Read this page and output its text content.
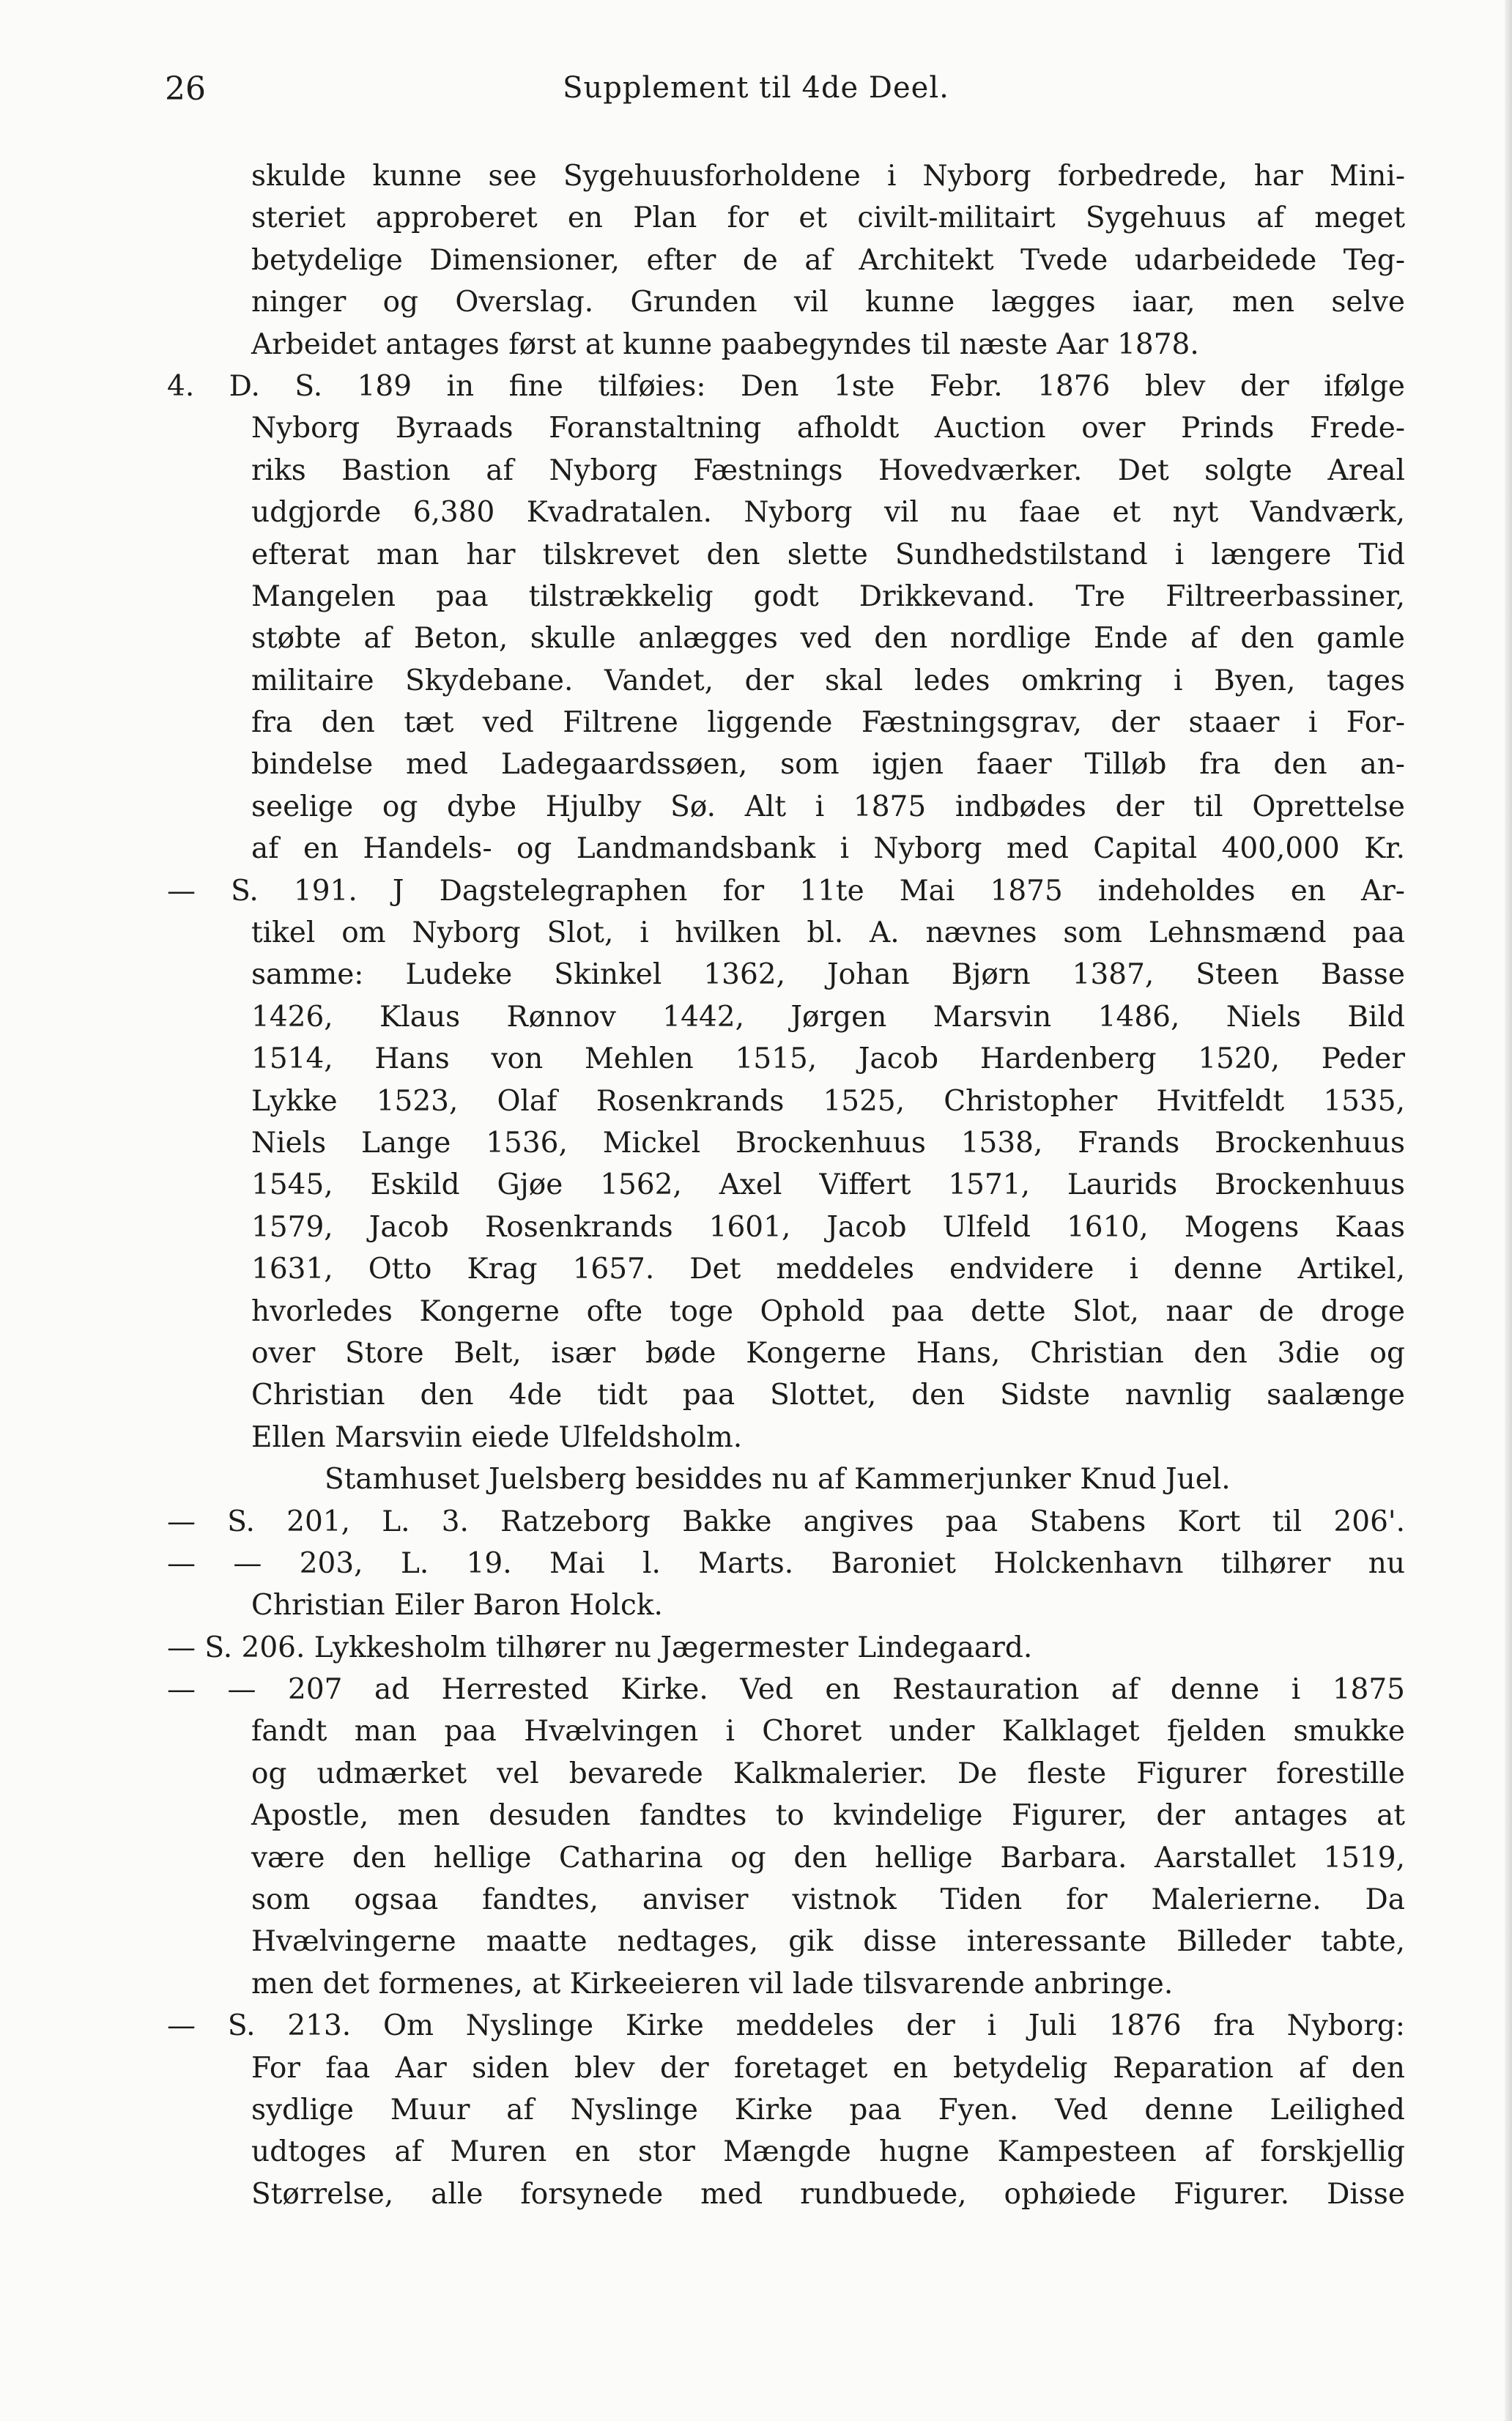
26	Supplement til 4de Deel.
skulde kunne see Sygehuusforholdene i Nyborg forbedrede, har Mini-
steriet approberet en Plan for et civilt-militairt Sygehuus af meget
betydelige Dimensioner, efter de af Architekt Tvede udarbeidede Teg-
ninger og Overslag. Grunden vil kunne lægges iaar, men selve
Arbeidet antages først at kunne paabegyndes til næste Aar 1878.
4. D. S. 189 in fine tilføies: Den 1ste Febr. 1876 blev der ifølge
Nyborg Byraads Foranstaltning afholdt Auction over Prinds Frede-
riks Bastion af Nyborg Fæstnings Hovedværker. Det solgte Areal
udgjorde 6,380 Kvadratalen. Nyborg vil nu faae et nyt Vandværk,
efterat man har tilskrevet den slette Sundhedstilstand i længere Tid
Mangelen paa tilstrækkelig godt Drikkevand. Tre Filtreerbassiner,
støbte af Beton, skulle anlægges ved den nordlige Ende af den gamle
militaire Skydebane. Vandet, der skal ledes omkring i Byen, tages
fra den tæt ved Filtrene liggende Fæstningsgrav, der staaer i For-
bindelse med Ladegaardssøen, som igjen faaer Tilløb fra den an-
seelige og dybe Hjulby Sø. Alt i 1875 indbødes der til Oprettelse
af en Handels- og Landmandsbank i Nyborg med Capital 400,000 Kr.
— S. 191. J Dagstelegraphen for 11te Mai 1875 indeholdes en Ar-
tikel om Nyborg Slot, i hvilken bl. A. nævnes som Lehnsmænd paa
samme: Ludeke Skinkel 1362, Johan Bjørn 1387, Steen Basse
1426, Klaus Rønnov 1442, Jørgen Marsvin 1486, Niels Bild
1514, Hans von Mehlen 1515, Jacob Hardenberg 1520, Peder
Lykke 1523, Olaf Rosenkrands 1525, Christopher Hvitfeldt 1535,
Niels Lange 1536, Mickel Brockenhuus 1538, Frands Brockenhuus
1545, Eskild Gjøe 1562, Axel Viffert 1571, Laurids Brockenhuus
1579, Jacob Rosenkrands 1601, Jacob Ulfeld 1610, Mogens Kaas
1631, Otto Krag 1657. Det meddeles endvidere i denne Artikel,
hvorledes Kongerne ofte toge Ophold paa dette Slot, naar de droge
over Store Belt, især bøde Kongerne Hans, Christian den 3die og
Christian den 4de tidt paa Slottet, den Sidste navnlig saalænge
Ellen Marsviin eiede Ulfeldsholm.
Stamhuset Juelsberg besiddes nu af Kammerjunker Knud Juel.
— S. 201, L. 3. Ratzeborg Bakke angives paa Stabens Kort til 206'.
— — 203, L. 19. Mai l. Marts. Baroniet Holckenhavn tilhører nu
Christian Eiler Baron Holck.
— S. 206. Lykkesholm tilhører nu Jægermester Lindegaard.
— — 207 ad Herrested Kirke. Ved en Restauration af denne i 1875
fandt man paa Hvælvingen i Choret under Kalklaget fjelden smukke
og udmærket vel bevarede Kalkmalerier. De fleste Figurer forestille
Apostle, men desuden fandtes to kvindelige Figurer, der antages at
være den hellige Catharina og den hellige Barbara. Aarstallet 1519,
som ogsaa fandtes, anviser vistnok Tiden for Malerierne. Da
Hvælvingerne maatte nedtages, gik disse interessante Billeder tabte,
men det formenes, at Kirkeeieren vil lade tilsvarende anbringe.
— S. 213. Om Nyslinge Kirke meddeles der i Juli 1876 fra Nyborg:
For faa Aar siden blev der foretaget en betydelig Reparation af den
sydlige Muur af Nyslinge Kirke paa Fyen. Ved denne Leilighed
udtoges af Muren en stor Mængde hugne Kampesteen af forskjellig
Størrelse, alle forsynede med rundbuede, ophøiede Figurer. Disse
